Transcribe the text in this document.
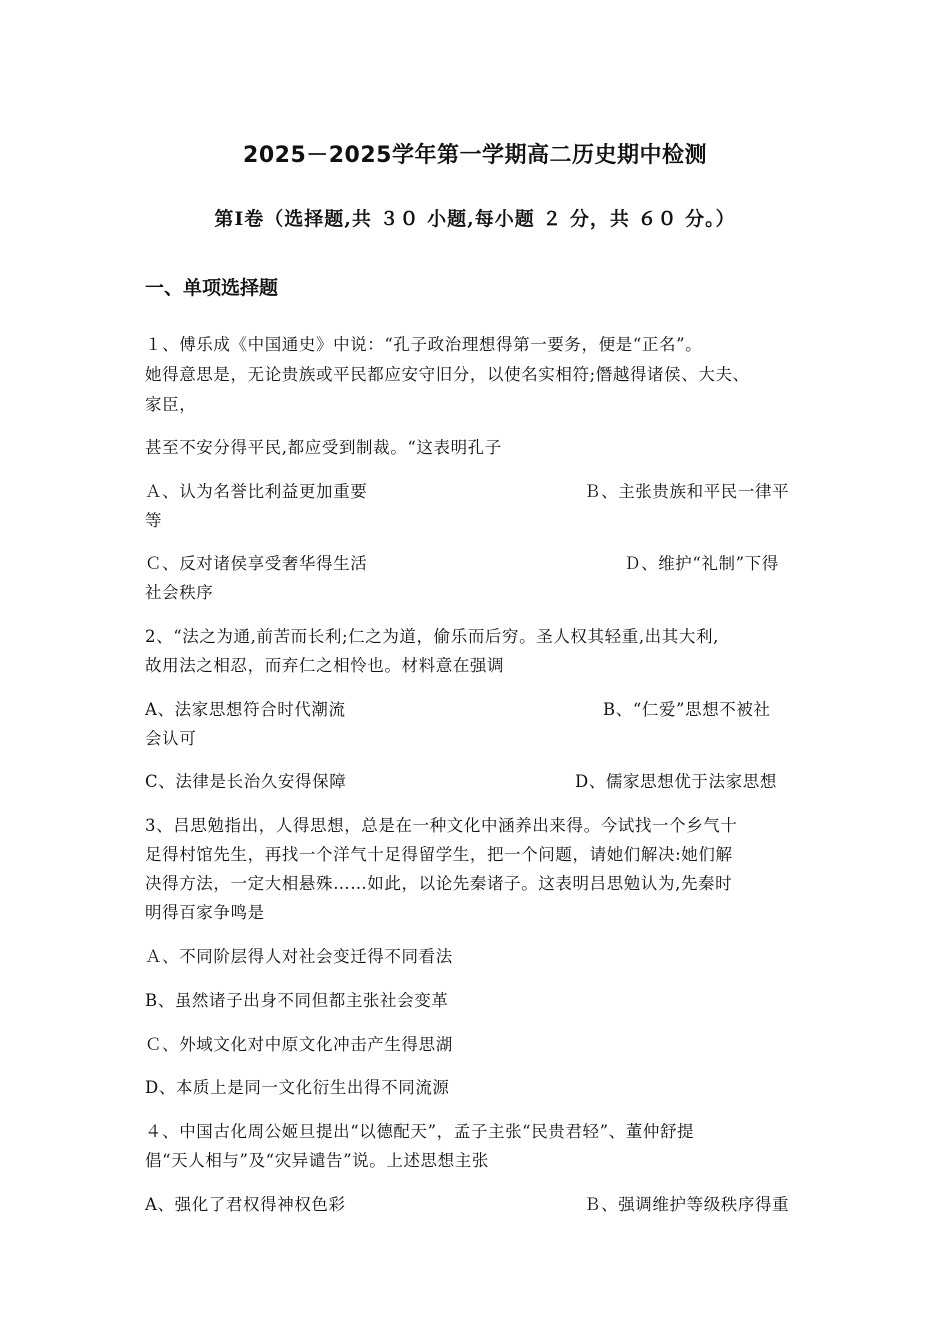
2025－2025学年第一学期高二历史期中检测
第Ⅰ卷（选择题,共 ３０ 小题,每小题 ２ 分，共 ６０ 分。）
一、单项选择题
１、傅乐成《中国通史》中说：“孔子政治理想得第一要务，便是“正名”。
她得意思是，无论贵族或平民都应安守旧分，以使名实相符;僭越得诸侯、大夫、
家臣，
甚至不安分得平民,都应受到制裁。“这表明孔子
Ａ、认为名誉比利益更加重要	Ｂ、主张贵族和平民一律平
等
Ｃ、反对诸侯享受奢华得生活	Ｄ、维护“礼制”下得
社会秩序
2、“法之为通,前苦而长利;仁之为道，偷乐而后穷。圣人权其轻重,出其大利,
故用法之相忍，而弃仁之相怜也。材料意在强调
A、法家思想符合时代潮流	B、“仁爱”思想不被社
会认可
C、法律是长治久安得保障	D、儒家思想优于法家思想
3、吕思勉指出，人得思想，总是在一种文化中涵养出来得。今试找一个乡气十
足得村馆先生，再找一个洋气十足得留学生，把一个问题，请她们解决:她们解
决得方法，一定大相悬殊……如此，以论先秦诸子。这表明吕思勉认为,先秦时
明得百家争鸣是
Ａ、不同阶层得人对社会变迁得不同看法
B、虽然诸子出身不同但都主张社会变革
Ｃ、外域文化对中原文化冲击产生得思湖
D、本质上是同一文化衍生出得不同流源
４、中国古化周公姬旦提出“以德配天”，孟子主张“民贵君轻”、董仲舒提
倡“天人相与”及“灾异谴告”说。上述思想主张
A、强化了君权得神权色彩	Ｂ、强调维护等级秩序得重
